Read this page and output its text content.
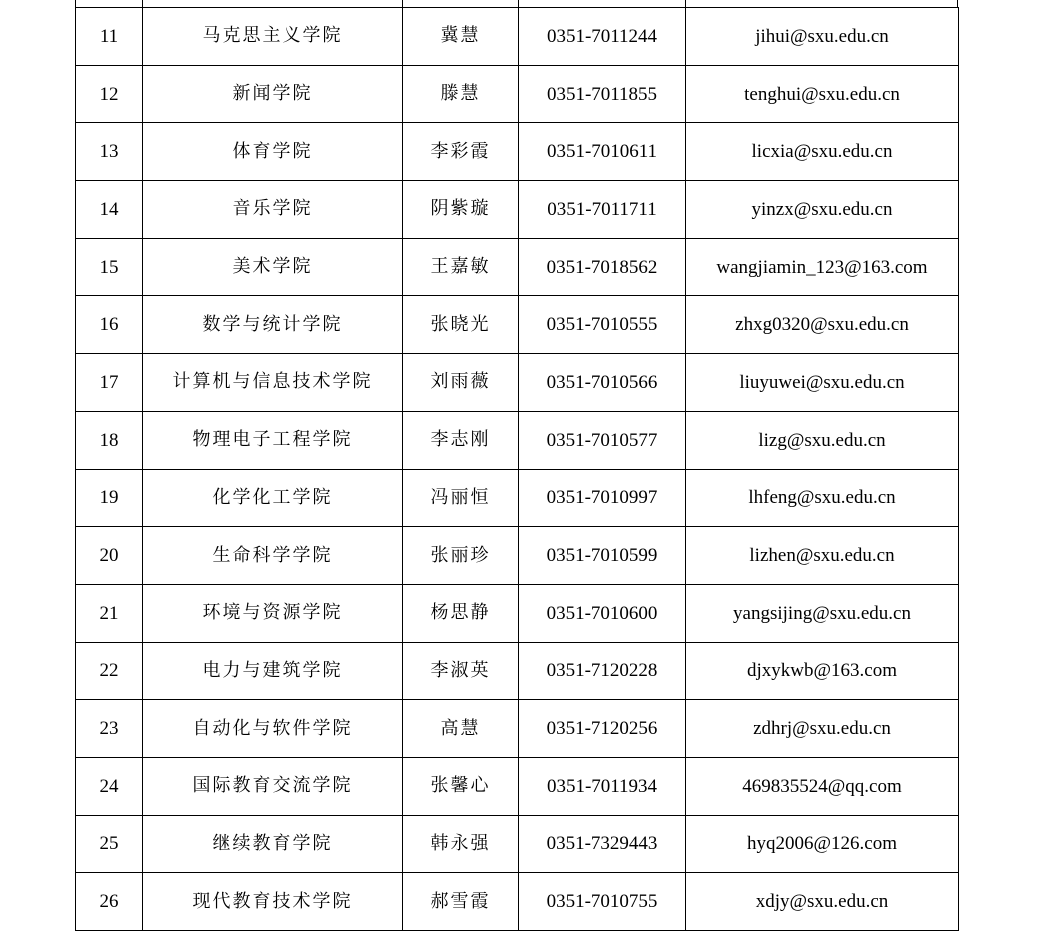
11	马克思主义学院	冀慧	0351-7011244	jihui@sxu.edu.cn
12	新闻学院	滕慧	0351-7011855	tenghui@sxu.edu.cn
13	体育学院	李彩霞	0351-7010611	licxia@sxu.edu.cn
14	音乐学院	阴紫璇	0351-7011711	yinzx@sxu.edu.cn
15	美术学院	王嘉敏	0351-7018562	wangjiamin_123@163.com
16	数学与统计学院	张晓光	0351-7010555	zhxg0320@sxu.edu.cn
17	计算机与信息技术学院	刘雨薇	0351-7010566	liuyuwei@sxu.edu.cn
18	物理电子工程学院	李志刚	0351-7010577	lizg@sxu.edu.cn
19	化学化工学院	冯丽恒	0351-7010997	lhfeng@sxu.edu.cn
20	生命科学学院	张丽珍	0351-7010599	lizhen@sxu.edu.cn
21	环境与资源学院	杨思静	0351-7010600	yangsijing@sxu.edu.cn
22	电力与建筑学院	李淑英	0351-7120228	djxykwb@163.com
23	自动化与软件学院	高慧	0351-7120256	zdhrj@sxu.edu.cn
24	国际教育交流学院	张馨心	0351-7011934	469835524@qq.com
25	继续教育学院	韩永强	0351-7329443	hyq2006@126.com
26	现代教育技术学院	郝雪霞	0351-7010755	xdjy@sxu.edu.cn
